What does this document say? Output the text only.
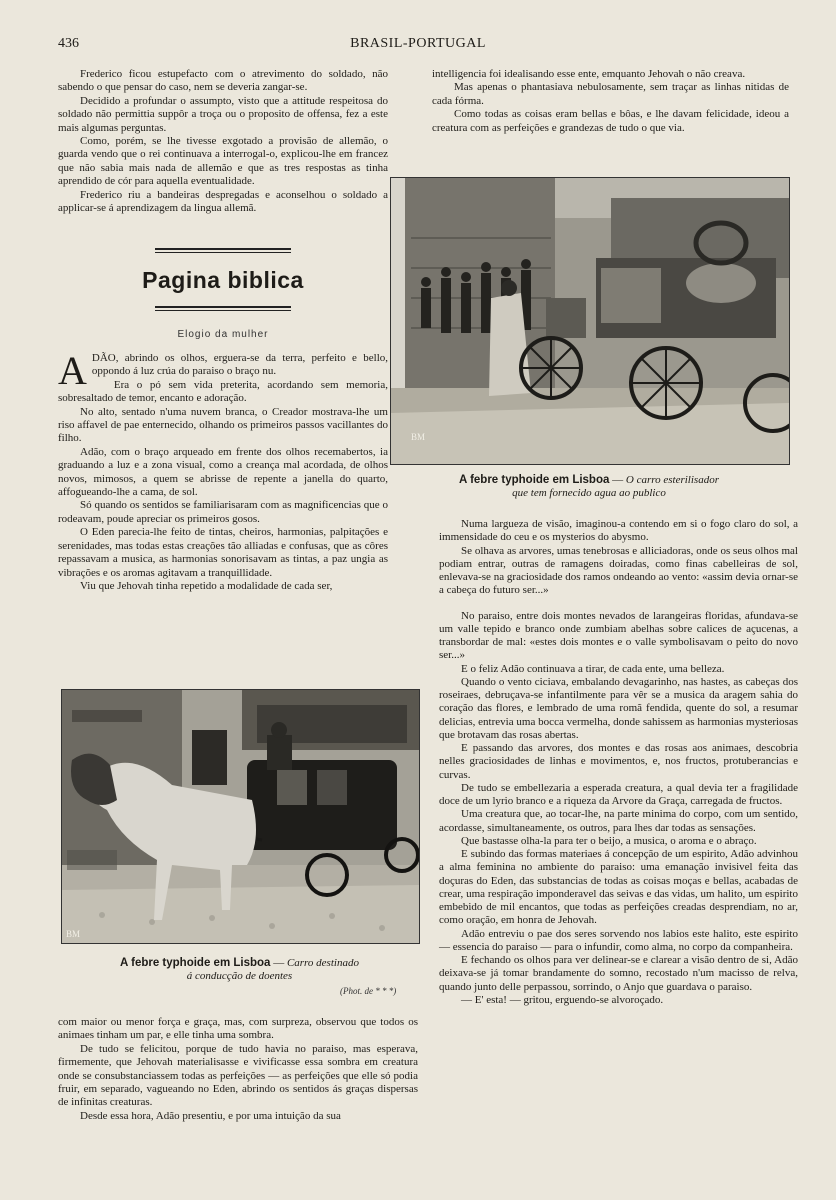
436	BRASIL-PORTUGAL

Frederico ficou estupefacto com o atrevimento do soldado, não sabendo o que pensar do caso, nem se deveria zangar-se.

Decidido a profundar o assumpto, visto que a attitude respeitosa do soldado não permittia suppôr a troça ou o proposito de offensa, fez a este mais algumas perguntas.

Como, porém, se lhe tivesse exgotado a provisão de allemão, o guarda vendo que o rei continuava a interrogal-o, explicou-lhe em francez que não sabia mais nada de allemão e que as tres respostas as tinha aprendido de cór para aquella eventualidade.

Frederico riu a bandeiras despregadas e aconselhou o soldado a applicar-se á aprendizagem da lingua allemã.

Pagina biblica
Elogio da mulher

ADÃO, abrindo os olhos, erguera-se da terra, perfeito e bello, oppondo á luz crúa do paraiso o braço nu.

Era o pó sem vida preterita, acordando sem memoria, sobresaltado de temor, encanto e adoração.

No alto, sentado n'uma nuvem branca, o Creador mostrava-lhe um riso affavel de pae enternecido, olhando os primeiros passos vacillantes do filho.

Adão, com o braço arqueado em frente dos olhos recemabertos, ia graduando a luz e a zona visual, como a creança mal acordada, de olhos novos, mimosos, a quem se abrisse de repente a janella do quarto, affogueando-lhe a cama, de sol.

Só quando os sentidos se familiarisaram com as magnificencias que o rodeavam, poude apreciar os primeiros gosos.

O Eden parecia-lhe feito de tintas, cheiros, harmonias, palpitações e serenidades, mas todas estas creações tão alliadas e confusas, que as côres repassavam a musica, as harmonias sonorisavam as tintas, a paz ungia as vibrações e os aromas agitavam a tranquillidade.

Viu que Jehovah tinha repetido a modalidade de cada ser,

BM
A febre typhoide em Lisboa — Carro destinado
á conducção de doentes
(Phot. de * * *)

com maior ou menor força e graça, mas, com surpreza, observou que todos os animaes tinham um par, e elle tinha uma sombra.

De tudo se felicitou, porque de tudo havia no paraiso, mas esperava, firmemente, que Jehovah materialisasse e vivificasse essa sombra em creatura onde se consubstanciassem todas as perfeições — as perfeições que elle só podia fruir, em separado, vagueando no Eden, abrindo os sentidos ás graças dispersas de infinitas creaturas.

Desde essa hora, Adão presentiu, e por uma intuição da sua

intelligencia foi idealisando esse ente, emquanto Jehovah o não creava.

Mas apenas o phantasiava nebulosamente, sem traçar as linhas nitidas de cada fórma.

Como todas as coisas eram bellas e bôas, e lhe davam felicidade, ideou a creatura com as perfeições e grandezas de tudo o que via.

BM
A febre typhoide em Lisboa — O carro esterilisador
que tem fornecido agua ao publico

Numa largueza de visão, imaginou-a contendo em si o fogo claro do sol, a immensidade do ceu e os mysterios do abysmo.

Se olhava as arvores, umas tenebrosas e alliciadoras, onde os seus olhos mal podiam entrar, outras de ramagens doiradas, como finas cabelleiras de sol, enlevava-se na graciosidade dos ramos ondeando ao vento: «assim devia ornar-se a cabeça do futuro ser...»

No paraiso, entre dois montes nevados de larangeiras floridas, afundava-se um valle tepido e branco onde zumbiam abelhas sobre calices de açucenas, a transbordar de mal: «estes dois montes e o valle symbolisavam o peito do novo ser...»

E o feliz Adão continuava a tirar, de cada ente, uma belleza.

Quando o vento ciciava, embalando devagarinho, nas hastes, as cabeças dos roseiraes, debruçava-se infantilmente para vêr se a musica da aragem sahia do coração das flores, e lembrado de uma romã fendida, quente do sol, a resumar delicias, entrevia uma bocca vermelha, donde sahissem as harmonias mysteriosas que brotavam das rosas abertas.

E passando das arvores, dos montes e das rosas aos animaes, descobria nelles graciosidades de linhas e movimentos, e, nos fructos, protuberancias e curvas.

De tudo se embellezaria a esperada creatura, a qual devia ter a fragilidade doce de um lyrio branco e a riqueza da Arvore da Graça, carregada de fructos.

Uma creatura que, ao tocar-lhe, na parte minima do corpo, com um sentido, acordasse, simultaneamente, os outros, para lhes dar todas as sensações.

Que bastasse olha-la para ter o beijo, a musica, o aroma e o abraço.

E subindo das formas materiaes á concepção de um espirito, Adão advinhou a alma feminina no ambiente do paraiso: uma emanação invisivel feita das doçuras do Eden, das substancias de todas as coisas moças e bellas, acabadas de crear, uma respiração imponderavel das seivas e das vidas, um halito, um espirito embebido de mil encantos, que todas as perfeições creadas desprendiam, no ar, como oração, em honra de Jehovah.

Adão entreviu o pae dos seres sorvendo nos labios este halito, este espirito — essencia do paraiso — para o infundir, como alma, no corpo da companheira.

E fechando os olhos para ver delinear-se e clarear a visão dentro de si, Adão deixava-se já tomar brandamente do somno, recostado n'um macisso de relva, quando junto delle perpassou, sorrindo, o Anjo que guardava o paraiso.

— E' esta! — gritou, erguendo-se alvoroçado.
